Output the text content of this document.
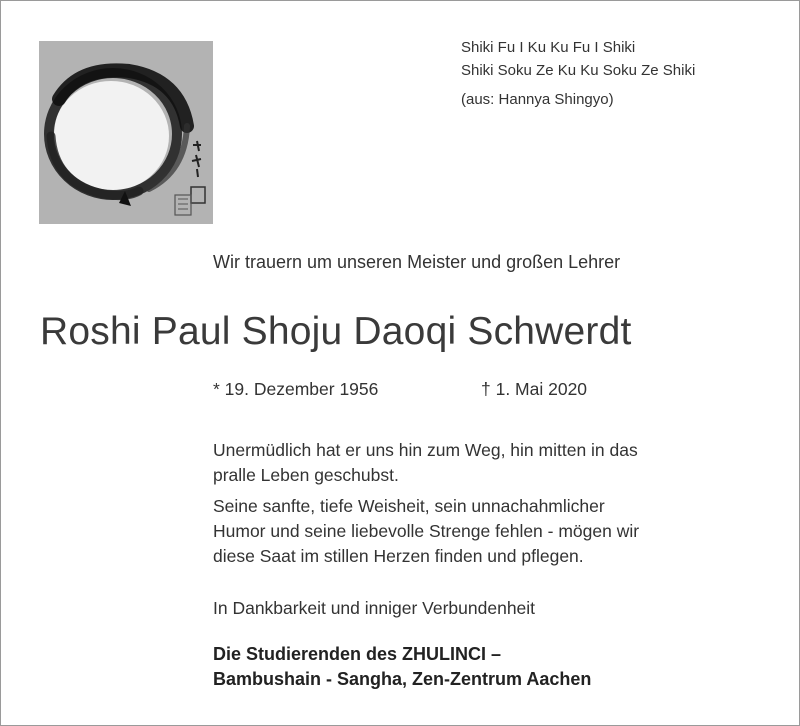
Shiki Fu I Ku Ku Fu I Shiki
Shiki Soku Ze Ku Ku Soku Ze Shiki
(aus: Hannya Shingyo)
Wir trauern um unseren Meister und großen Lehrer
Roshi Paul Shoju Daoqi Schwerdt
* 19. Dezember 1956	† 1. Mai 2020
Unermüdlich hat er uns hin zum Weg, hin mitten in das
pralle Leben geschubst.
Seine sanfte, tiefe Weisheit, sein unnachahmlicher
Humor und seine liebevolle Strenge fehlen - mögen wir
diese Saat im stillen Herzen finden und pflegen.
In Dankbarkeit und inniger Verbundenheit
Die Studierenden des ZHULINCI –
Bambushain - Sangha, Zen-Zentrum Aachen
